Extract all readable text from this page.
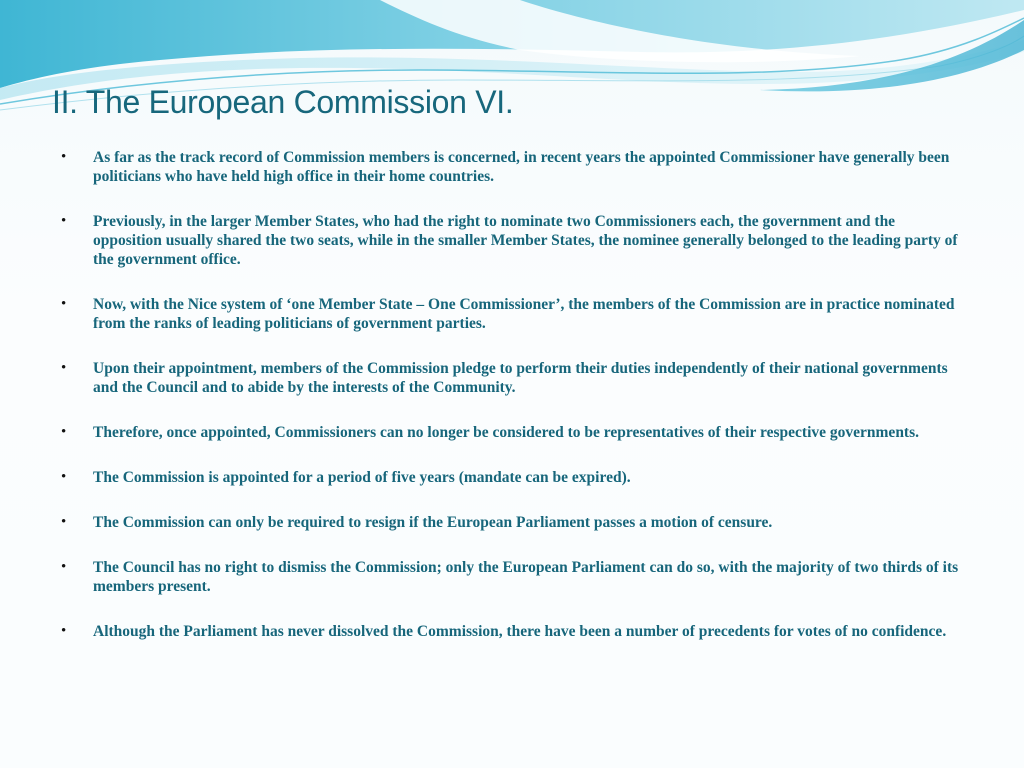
II. The European Commission VI.
• As far as the track record of Commission members is concerned, in recent years the appointed Commissioner have generally been politicians who have held high office in their home countries.
• Previously, in the larger Member States, who had the right to nominate two Commissioners each, the government and the opposition usually shared the two seats, while in the smaller Member States, the nominee generally belonged to the leading party of the government office.
• Now, with the Nice system of ‘one Member State – One Commissioner’, the members of the Commission are in practice nominated from the ranks of leading politicians of government parties.
• Upon their appointment, members of the Commission pledge to perform their duties independently of their national governments and the Council and to abide by the interests of the Community.
• Therefore, once appointed, Commissioners can no longer be considered to be representatives of their respective governments.
• The Commission is appointed for a period of five years (mandate can be expired).
• The Commission can only be required to resign if the European Parliament passes a motion of censure.
• The Council has no right to dismiss the Commission; only the European Parliament can do so, with the majority of two thirds of its members present.
• Although the Parliament has never dissolved the Commission, there have been a number of precedents for votes of no confidence.
